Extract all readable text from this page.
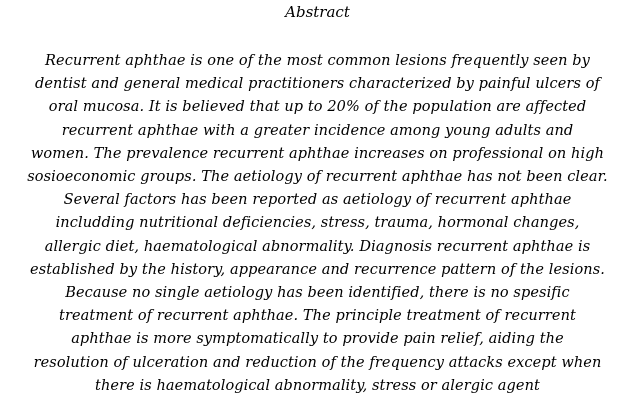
Abstract
Recurrent aphthae is one of the most common lesions frequently seen by
dentist and general medical practitioners characterized by painful ulcers of
oral mucosa. It is believed that up to 20% of the population are affected
recurrent aphthae with a greater incidence among young adults and
women. The prevalence recurrent aphthae increases on professional on high
sosioeconomic groups. The aetiology of recurrent aphthae has not been clear.
Several factors has been reported as aetiology of recurrent aphthae
includding nutritional deficiencies, stress, trauma, hormonal changes,
allergic diet, haematological abnormality. Diagnosis recurrent aphthae is
established by the history, appearance and recurrence pattern of the lesions.
Because no single aetiology has been identified, there is no spesific
treatment of recurrent aphthae. The principle treatment of recurrent
aphthae is more symptomatically to provide pain relief, aiding the
resolution of ulceration and reduction of the frequency attacks except when
there is haematological abnormality, stress or alergic agent
